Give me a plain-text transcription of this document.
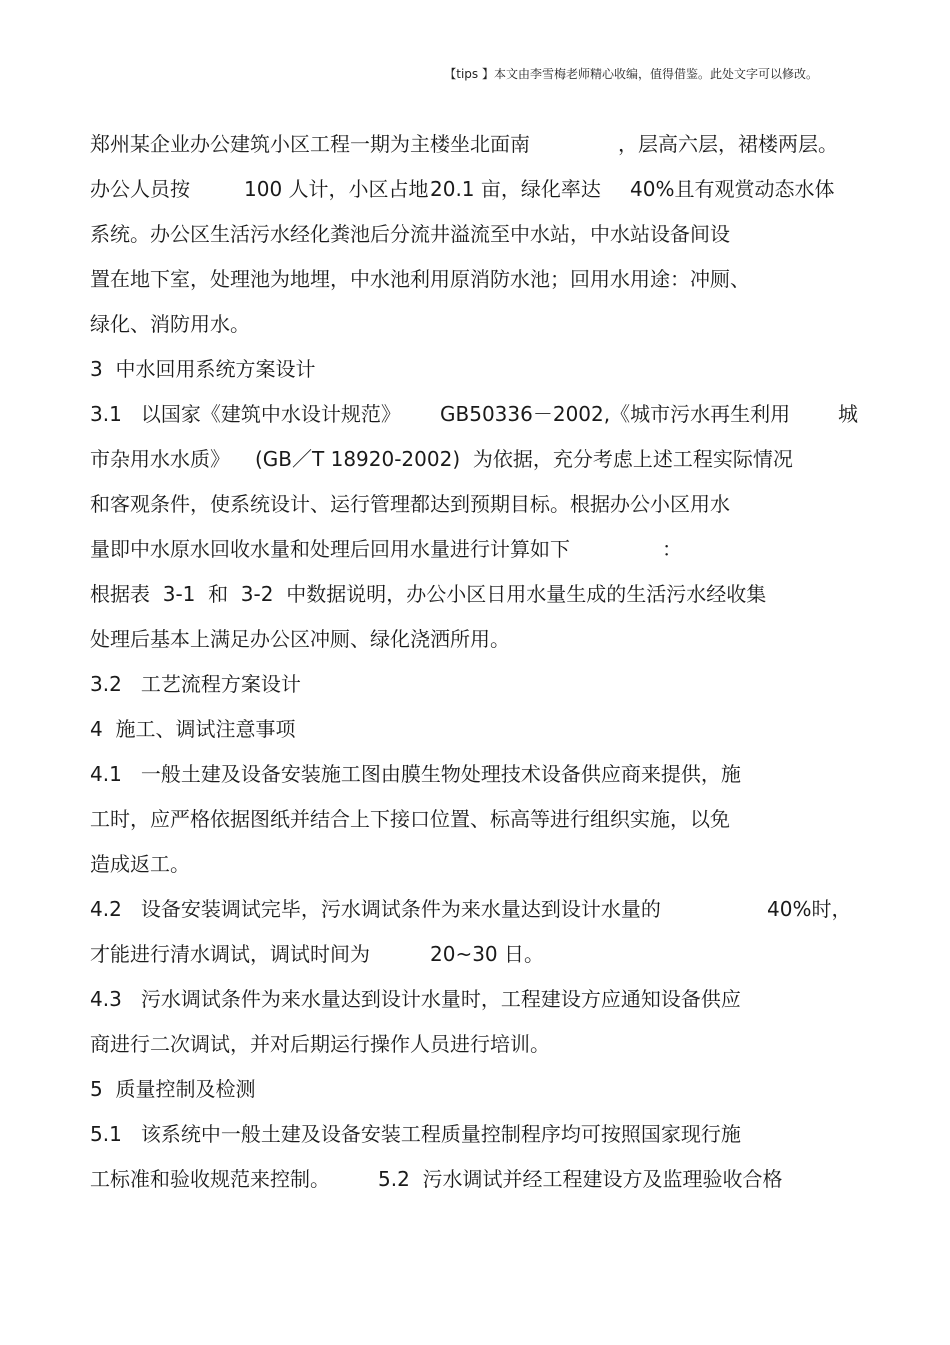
【tips 】本文由李雪梅老师精心收编，值得借鉴。此处文字可以修改。

郑州某企业办公建筑小区工程一期为主楼坐北面南

	，层高六层，裙楼两层。

办公人员按

	100 人计，小区占地

20.1 亩，绿化率达

40%且有观赏动态水体

系统。办公区生活污水经化粪池后分流井溢流至中水站，中水站设备间设

置在地下室，处理池为地埋，中水池利用原消防水池；回用水用途：冲厕、

绿化、消防用水。

3  中水回用系统方案设计

3.1   以国家《建筑中水设计规范》

GB50336－2002,《城市污水再生利用

城

市杂用水水质》

(GB／T 18920-2002)  为依据，充分考虑上述工程实际情况

和客观条件，使系统设计、运行管理都达到预期目标。根据办公小区用水

量即中水原水回收水量和处理后回用水量进行计算如下

	：

根据表  3-1  和  3-2  中数据说明，办公小区日用水量生成的生活污水经收集

处理后基本上满足办公区冲厕、绿化浇洒所用。

3.2   工艺流程方案设计

4  施工、调试注意事项

4.1   一般土建及设备安装施工图由膜生物处理技术设备供应商来提供，施

工时，应严格依据图纸并结合上下接口位置、标高等进行组织实施，以免

造成返工。

4.2   设备安装调试完毕，污水调试条件为来水量达到设计水量的

	40%时，

才能进行清水调试，调试时间为

	20~30 日。

4.3   污水调试条件为来水量达到设计水量时，工程建设方应通知设备供应

商进行二次调试，并对后期运行操作人员进行培训。

5  质量控制及检测

5.1   该系统中一般土建及设备安装工程质量控制程序均可按照国家现行施

工标准和验收规范来控制。

5.2  污水调试并经工程建设方及监理验收合格
